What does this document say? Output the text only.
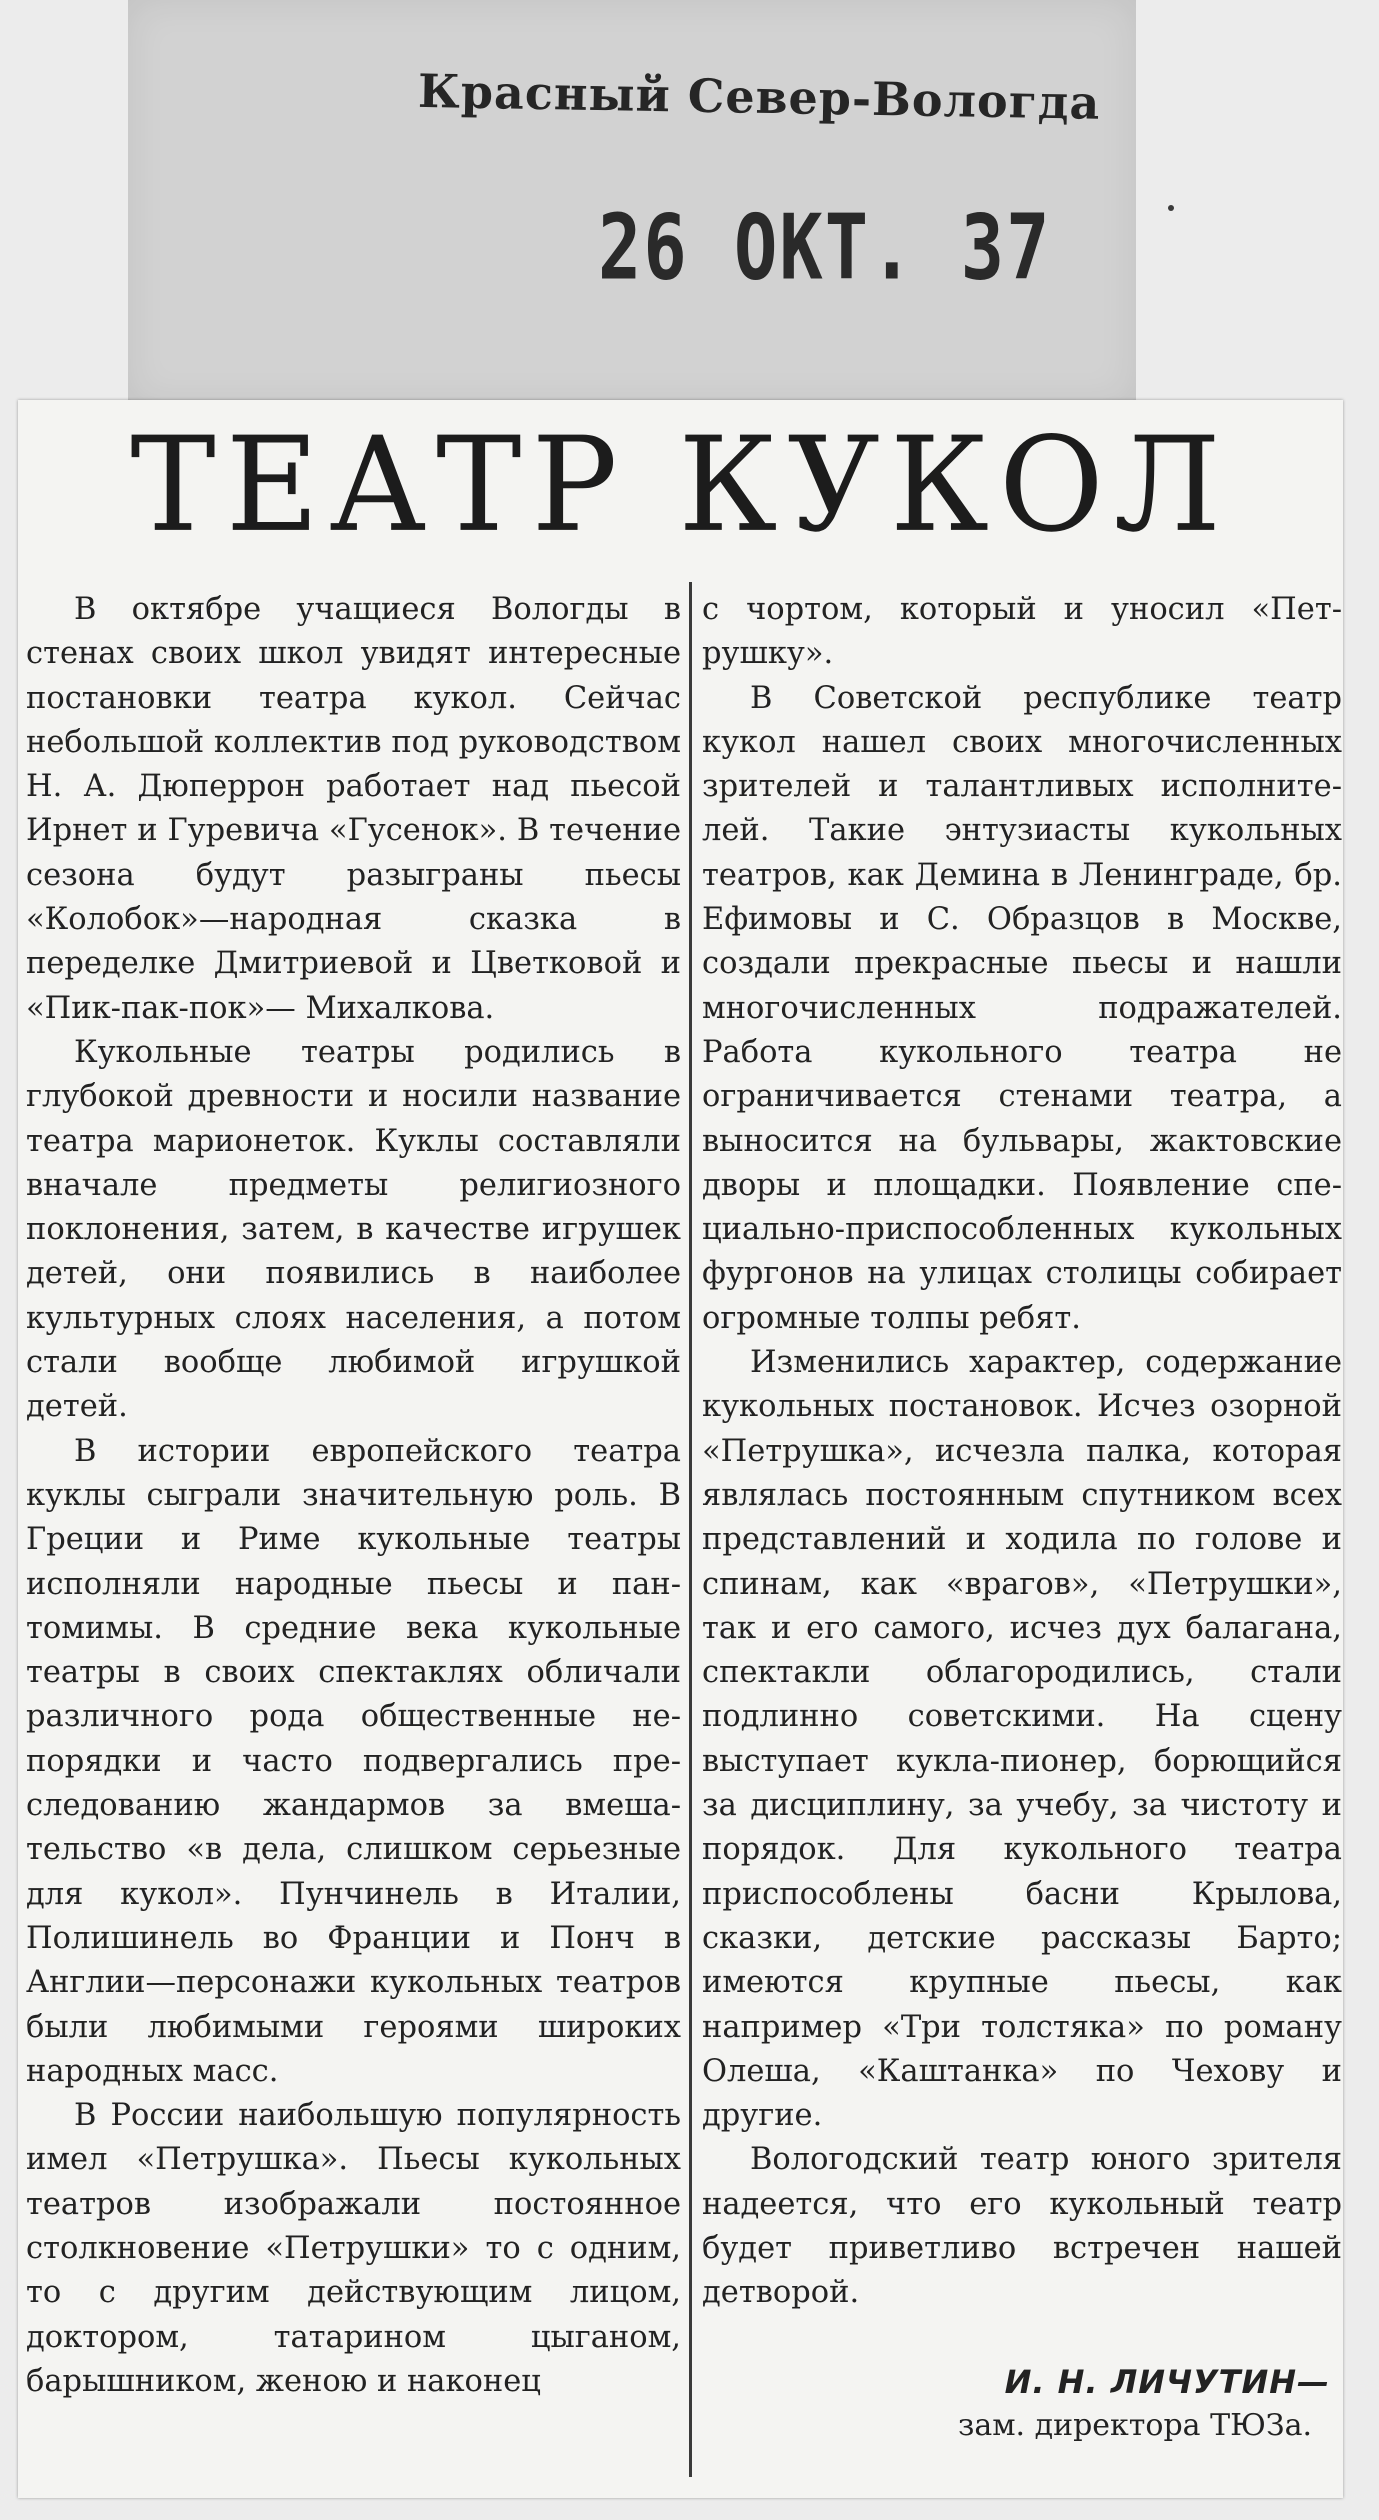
Красный Север-Вологда
26 ОКТ. 37
ТЕАТР КУКОЛ

В октябре учащиеся Вологды в стенах своих школ увидят интересные постановки театра кукол. Сейчас небольшой коллектив под руководством Н. А. Дюперрон работает над пьесой Ирнет и Гуревича «Гусенок». В течение сезона будут разыграны пьесы «Колобок»—народная сказка в переделке Дмитриевой и Цветковой и «Пик-пак-пок»— Михалкова.

Кукольные театры родились в глубокой древности и носили название театра марионеток. Куклы составляли вначале предметы религиозного поклонения, затем, в качестве игрушек детей, они появились в наиболее культурных слоях населения, а потом стали вообще любимой игрушкой детей.

В истории европейского театра куклы сыграли значительную роль. В Греции и Риме кукольные театры исполняли народные пьесы и пантомимы. В средние века кукольные театры в своих спектаклях обличали различного рода общественные непорядки и часто подвергались преследованию жандармов за вмешательство «в дела, слишком серьезные для кукол». Пунчинель в Италии, Полишинель во Франции и Понч в Англии—персонажи кукольных театров были любимыми героями широких народных масс.

В России наибольшую популярность имел «Петрушка». Пьесы кукольных театров изображали постоянное столкновение «Петрушки» то с одним, то с другим действующим лицом, доктором, татарином цыганом, барышником, женою и наконец

с чортом, который и уносил «Петрушку».

В Советской республике театр кукол нашел своих многочисленных зрителей и талантливых исполнителей. Такие энтузиасты кукольных театров, как Демина в Ленинграде, бр. Ефимовы и С. Образцов в Москве, создали прекрасные пьесы и нашли многочисленных подражателей. Работа кукольного театра не ограничивается стенами театра, а выносится на бульвары, жактовские дворы и площадки. Появление специально-приспособленных кукольных фургонов на улицах столицы собирает огромные толпы ребят.

Изменились характер, содержание кукольных постановок. Исчез озорной «Петрушка», исчезла палка, которая являлась постоянным спутником всех представлений и ходила по голове и спинам, как «врагов», «Петрушки», так и его самого, исчез дух балагана, спектакли облагородились, стали подлинно советскими. На сцену выступает кукла-пионер, борющийся за дисциплину, за учебу, за чистоту и порядок. Для кукольного театра приспособлены басни Крылова, сказки, детские рассказы Барто; имеются крупные пьесы, как например «Три толстяка» по роману Олеша, «Каштанка» по Чехову и другие.

Вологодский театр юного зрителя надеется, что его кукольный театр будет приветливо встречен нашей детворой.

И. Н. ЛИЧУТИН—
зам. директора ТЮЗа.
